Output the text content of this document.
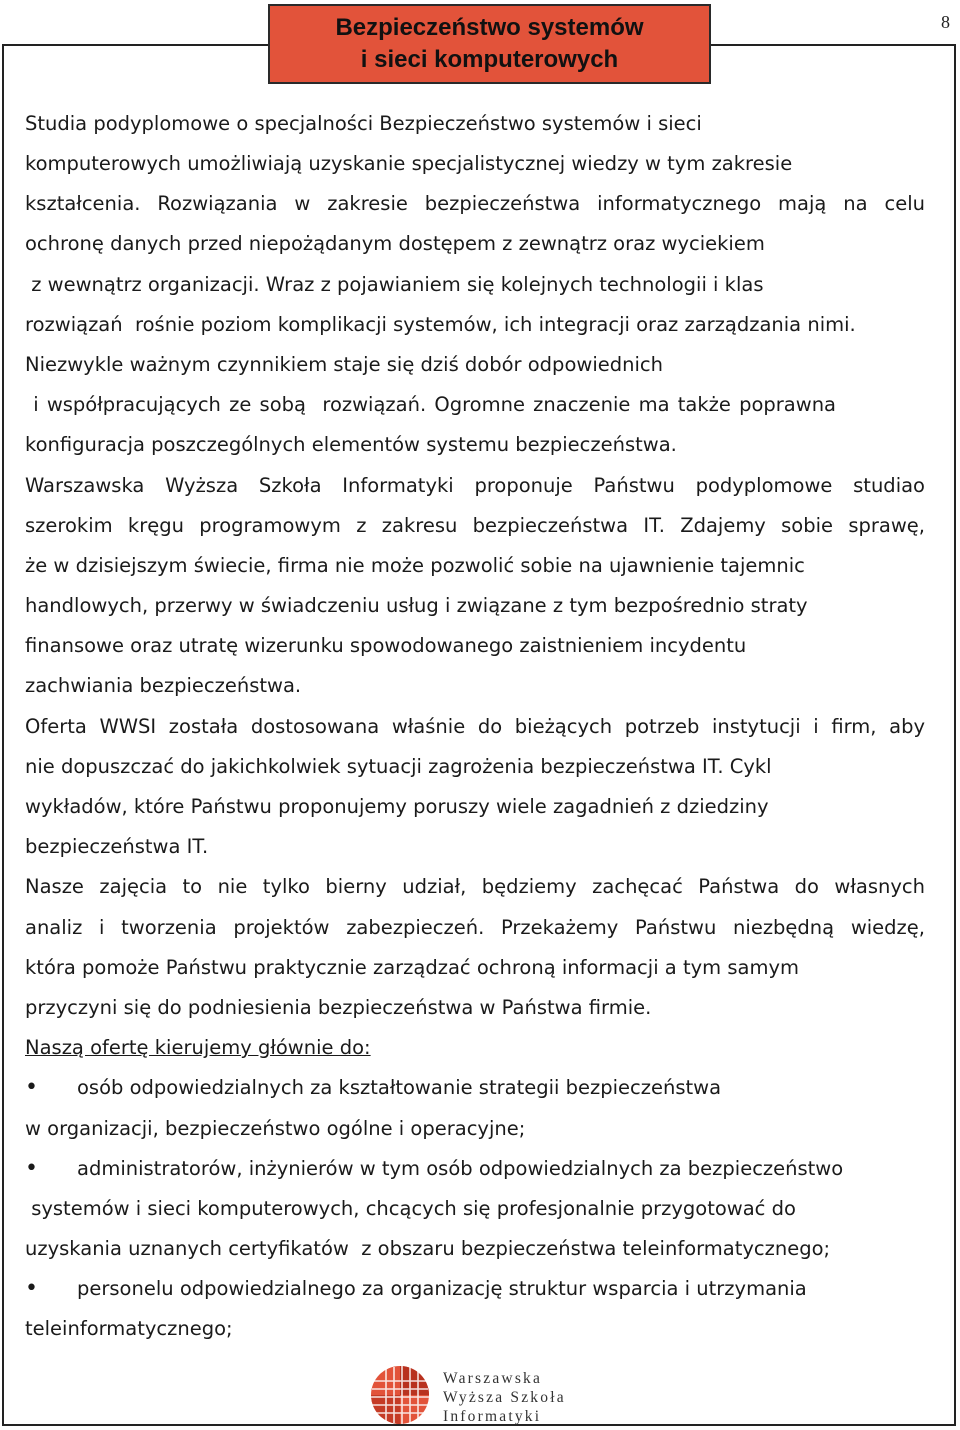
8
Bezpieczeństwo systemów
i sieci komputerowych
Studia podyplomowe o specjalności Bezpieczeństwo systemów i sieci
komputerowych umożliwiają uzyskanie specjalistycznej wiedzy w tym zakresie
kształcenia. Rozwiązania w zakresie bezpieczeństwa informatycznego mają na celu
ochronę danych przed niepożądanym dostępem z zewnątrz oraz wyciekiem
z wewnątrz organizacji. Wraz z pojawianiem się kolejnych technologii i klas
rozwiązań  rośnie poziom komplikacji systemów, ich integracji oraz zarządzania nimi.
Niezwykle ważnym czynnikiem staje się dziś dobór odpowiednich
i współpracujących ze sobą  rozwiązań. Ogromne znaczenie ma także poprawna
konfiguracja poszczególnych elementów systemu bezpieczeństwa.
Warszawska Wyższa Szkoła Informatyki proponuje Państwu podyplomowe studiao
szerokim kręgu programowym z zakresu bezpieczeństwa IT. Zdajemy sobie sprawę,
że w dzisiejszym świecie, firma nie może pozwolić sobie na ujawnienie tajemnic
handlowych, przerwy w świadczeniu usług i związane z tym bezpośrednio straty
finansowe oraz utratę wizerunku spowodowanego zaistnieniem incydentu
zachwiania bezpieczeństwa.
Oferta WWSI została dostosowana właśnie do bieżących potrzeb instytucji i firm, aby
nie dopuszczać do jakichkolwiek sytuacji zagrożenia bezpieczeństwa IT. Cykl
wykładów, które Państwu proponujemy poruszy wiele zagadnień z dziedziny
bezpieczeństwa IT.
Nasze zajęcia to nie tylko bierny udział, będziemy zachęcać Państwa do własnych
analiz i tworzenia projektów zabezpieczeń. Przekażemy Państwu niezbędną wiedzę,
która pomoże Państwu praktycznie zarządzać ochroną informacji a tym samym
przyczyni się do podniesienia bezpieczeństwa w Państwa firmie.
Naszą ofertę kierujemy głównie do:
•osób odpowiedzialnych za kształtowanie strategii bezpieczeństwa
w organizacji, bezpieczeństwo ogólne i operacyjne;
•administratorów, inżynierów w tym osób odpowiedzialnych za bezpieczeństwo
systemów i sieci komputerowych, chcących się profesjonalnie przygotować do
uzyskania uznanych certyfikatów  z obszaru bezpieczeństwa teleinformatycznego;
•personelu odpowiedzialnego za organizację struktur wsparcia i utrzymania
teleinformatycznego;
Warszawska
Wyższa Szkoła
Informatyki
